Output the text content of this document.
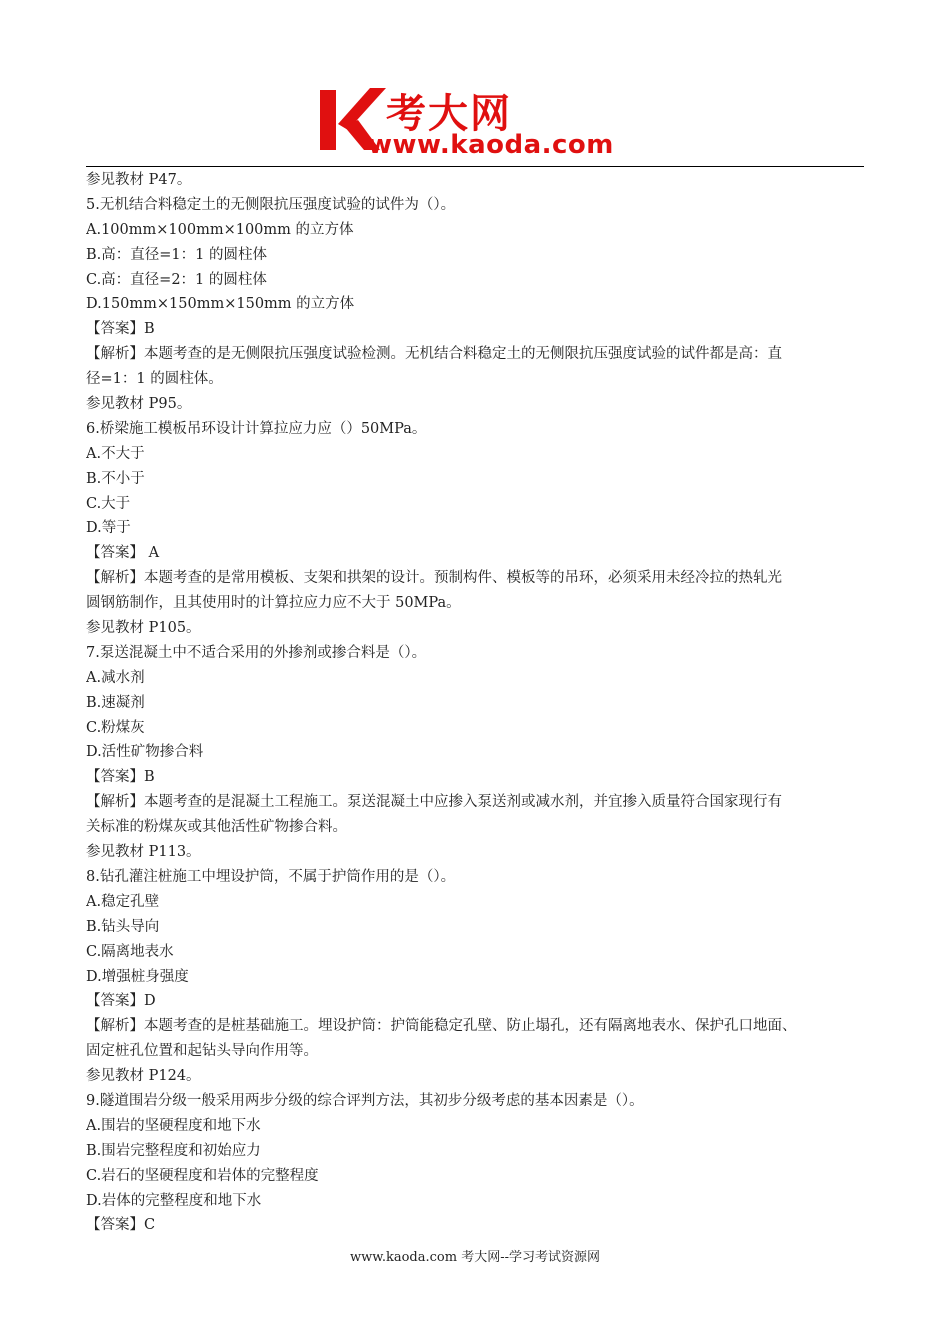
考大网
www.kaoda.com
参见教材 P47。
5.无机结合料稳定土的无侧限抗压强度试验的试件为（）。
A.100mm×100mm×100mm 的立方体
B.高：直径=1：1 的圆柱体
C.高：直径=2：1 的圆柱体
D.150mm×150mm×150mm 的立方体
【答案】B
【解析】本题考查的是无侧限抗压强度试验检测。无机结合料稳定土的无侧限抗压强度试验的试件都是高：直
径=1：1 的圆柱体。
参见教材 P95。
6.桥梁施工模板吊环设计计算拉应力应（）50MPa。
A.不大于
B.不小于
C.大于
D.等于
【答案】 A
【解析】本题考查的是常用模板、支架和拱架的设计。预制构件、模板等的吊环，必须采用未经冷拉的热轧光
圆钢筋制作，且其使用时的计算拉应力应不大于 50MPa。
参见教材 P105。
7.泵送混凝土中不适合采用的外掺剂或掺合料是（）。
A.减水剂
B.速凝剂
C.粉煤灰
D.活性矿物掺合料
【答案】B
【解析】本题考查的是混凝土工程施工。泵送混凝土中应掺入泵送剂或减水剂，并宜掺入质量符合国家现行有
关标准的粉煤灰或其他活性矿物掺合料。
参见教材 P113。
8.钻孔灌注桩施工中埋设护筒，不属于护筒作用的是（）。
A.稳定孔壁
B.钻头导向
C.隔离地表水
D.增强桩身强度
【答案】D
【解析】本题考查的是桩基础施工。埋设护筒：护筒能稳定孔壁、防止塌孔，还有隔离地表水、保护孔口地面、
固定桩孔位置和起钻头导向作用等。
参见教材 P124。
9.隧道围岩分级一般采用两步分级的综合评判方法，其初步分级考虑的基本因素是（）。
A.围岩的坚硬程度和地下水
B.围岩完整程度和初始应力
C.岩石的坚硬程度和岩体的完整程度
D.岩体的完整程度和地下水
【答案】C
www.kaoda.com 考大网--学习考试资源网
